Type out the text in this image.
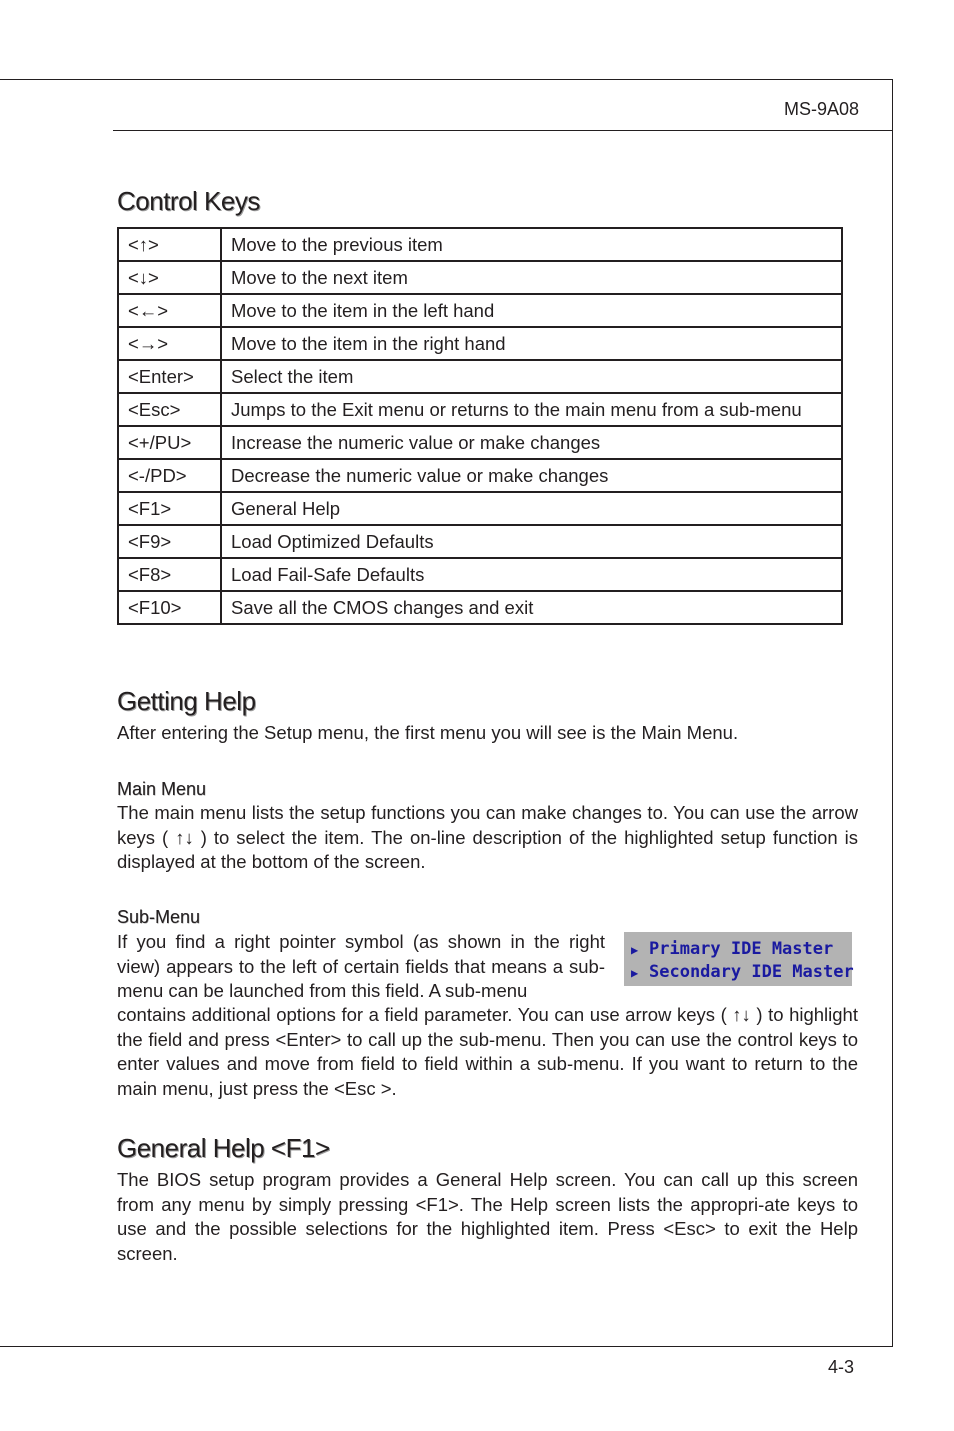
MS-9A08
Control Keys
<↑>	Move to the previous item
<↓>	Move to the next item
<←>	Move to the item in the left hand
<→>	Move to the item in the right hand
<Enter>	Select the item
<Esc>	Jumps to the Exit menu or returns to the main menu from a sub-menu
<+/PU>	Increase the numeric value or make changes
<-/PD>	Decrease the numeric value or make changes
<F1>	General Help
<F9>	Load Optimized Defaults
<F8>	Load Fail-Safe Defaults
<F10>	Save all the CMOS changes and exit
Getting Help

After entering the Setup menu, the first menu you will see is the Main Menu.

Main Menu

The main menu lists the setup functions you can make changes to. You can use the arrow keys ( ↑↓ ) to select the item. The on-line description of the highlighted setup function is displayed at the bottom of the screen.

Sub-Menu

If you find a right pointer symbol (as shown in the right view) appears to the left of certain fields that means a sub-menu can be launched from this field. A sub-menu

▶ Primary IDE Master
▶ Secondary IDE Master

contains additional options for a field parameter. You can use arrow keys ( ↑↓ ) to highlight the field and press <Enter> to call up the sub-menu. Then you can use the control keys to enter values and move from field to field within a sub-menu. If you want to return to the main menu, just press the <Esc >.

General Help <F1>

The BIOS setup program provides a General Help screen. You can call up this screen from any menu by simply pressing <F1>. The Help screen lists the appropri-ate keys to use and the possible selections for the highlighted item. Press <Esc> to exit the Help screen.

4-3
